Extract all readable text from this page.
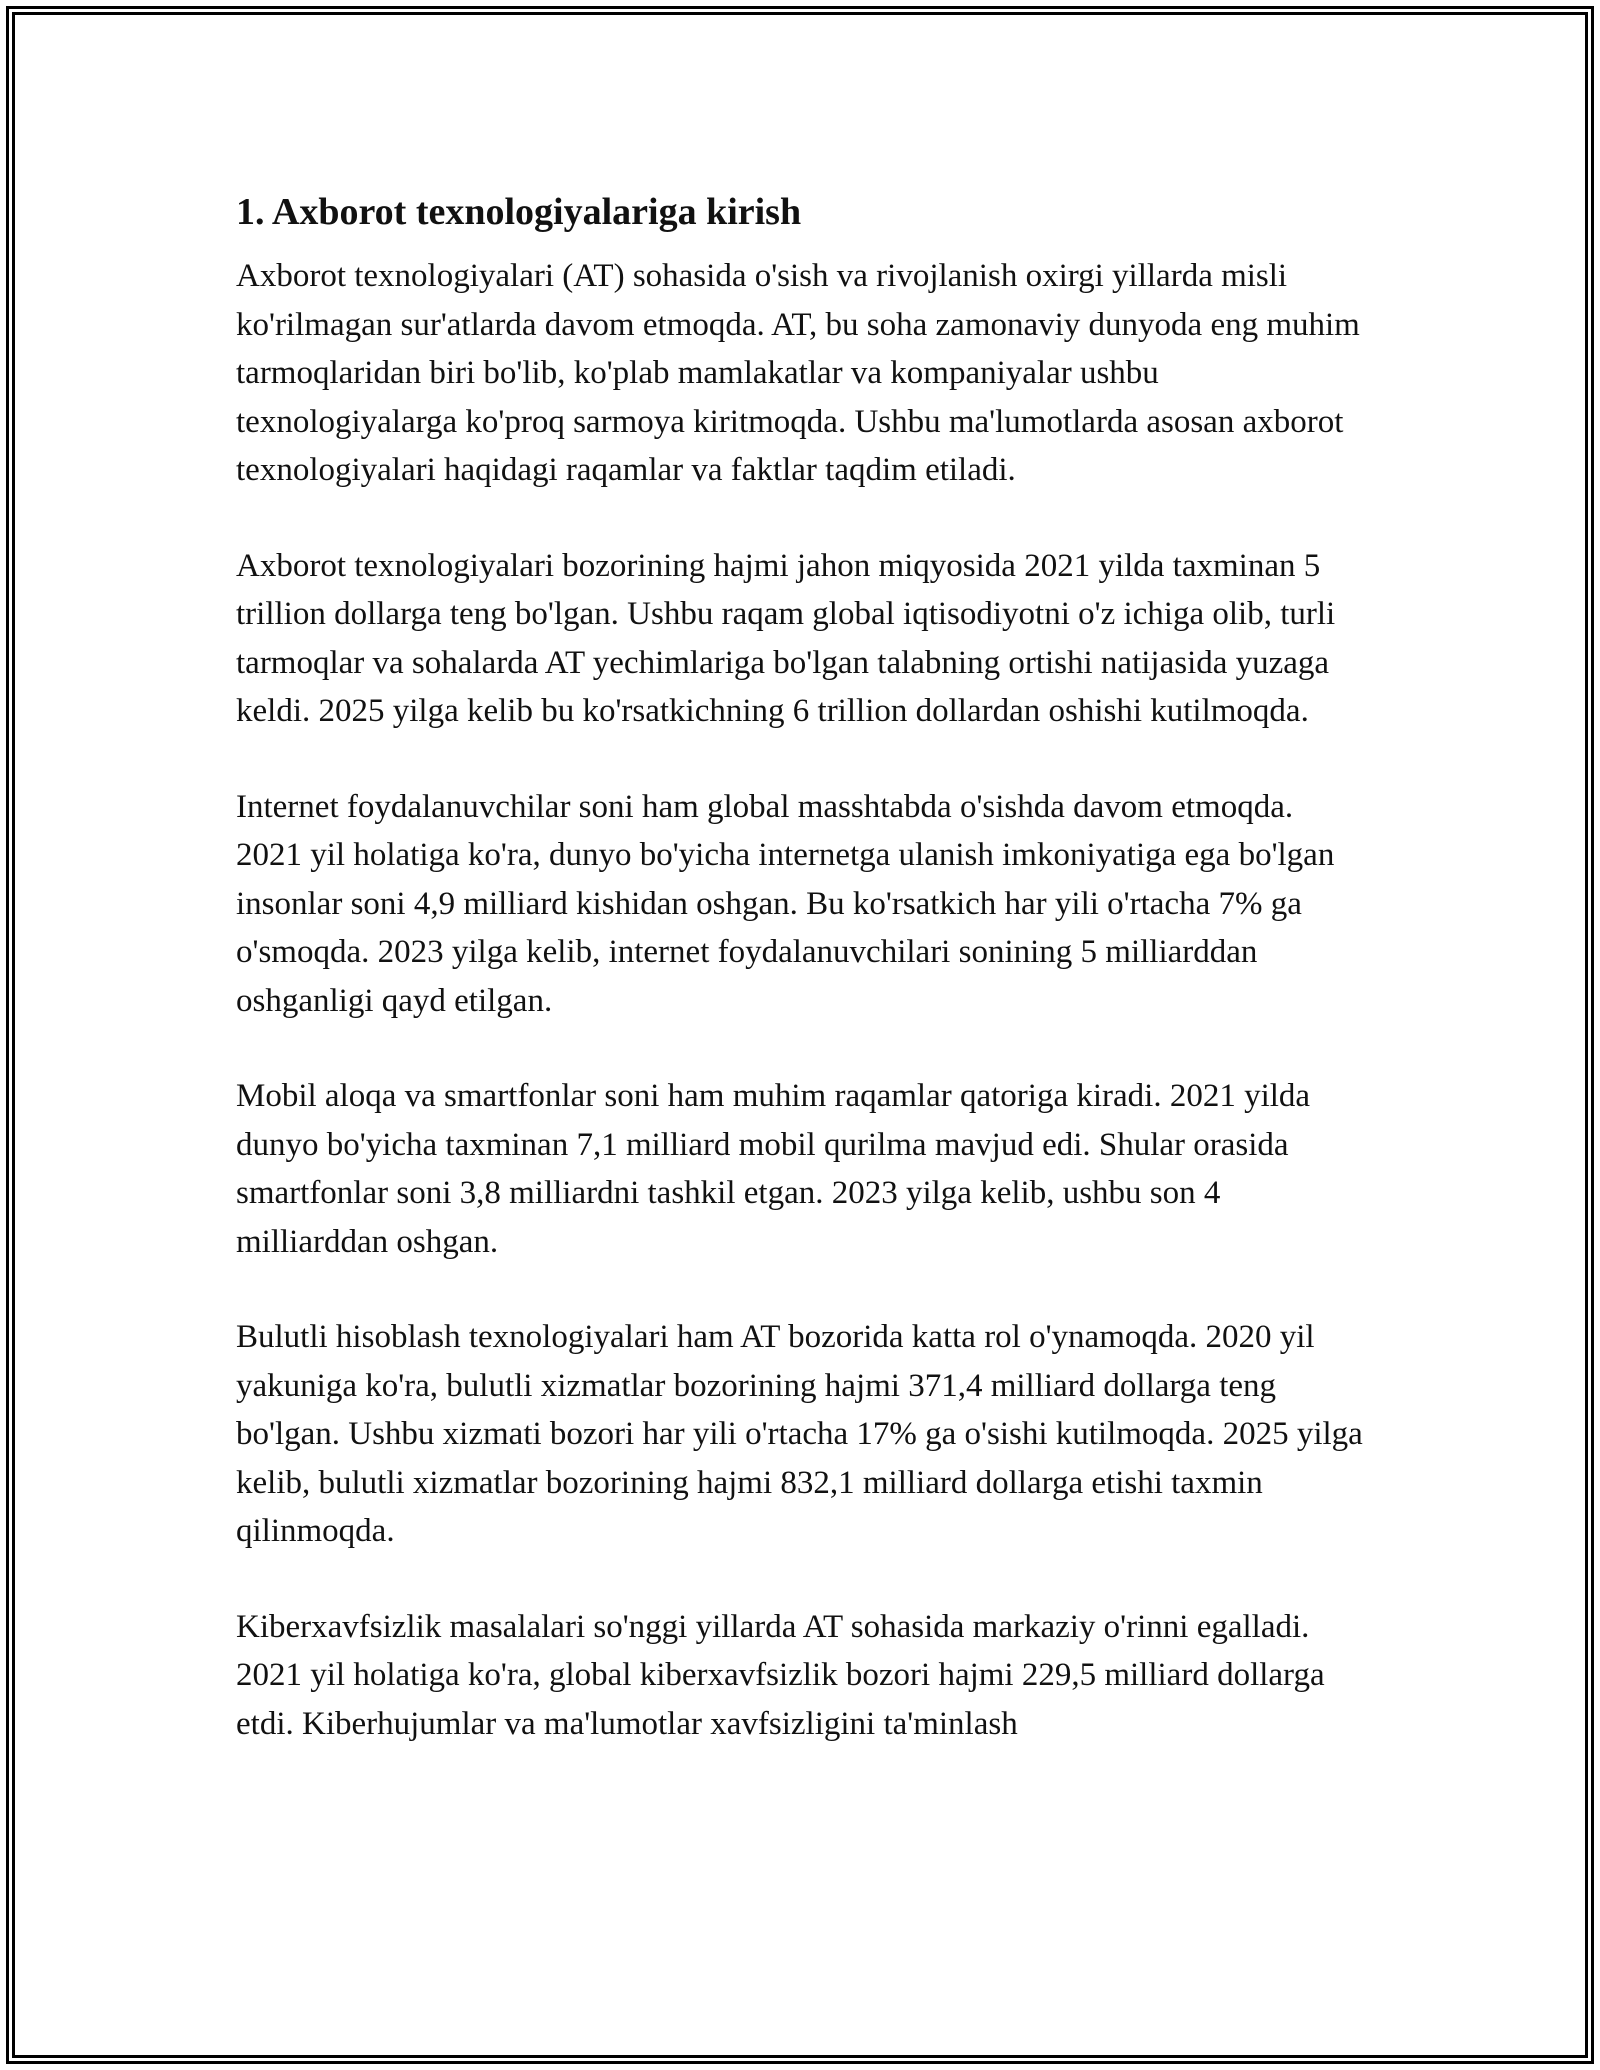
1. Axborot texnologiyalariga kirish

Axborot texnologiyalari (AT) sohasida o'sish va rivojlanish oxirgi yillarda misli ko'rilmagan sur'atlarda davom etmoqda. AT, bu soha zamonaviy dunyoda eng muhim tarmoqlaridan biri bo'lib, ko'plab mamlakatlar va kompaniyalar ushbu texnologiyalarga ko'proq sarmoya kiritmoqda. Ushbu ma'lumotlarda asosan axborot texnologiyalari haqidagi raqamlar va faktlar taqdim etiladi.

Axborot texnologiyalari bozorining hajmi jahon miqyosida 2021 yilda taxminan 5 trillion dollarga teng bo'lgan. Ushbu raqam global iqtisodiyotni o'z ichiga olib, turli tarmoqlar va sohalarda AT yechimlariga bo'lgan talabning ortishi natijasida yuzaga keldi. 2025 yilga kelib bu ko'rsatkichning 6 trillion dollardan oshishi kutilmoqda.

Internet foydalanuvchilar soni ham global masshtabda o'sishda davom etmoqda. 2021 yil holatiga ko'ra, dunyo bo'yicha internetga ulanish imkoniyatiga ega bo'lgan insonlar soni 4,9 milliard kishidan oshgan. Bu ko'rsatkich har yili o'rtacha 7% ga o'smoqda. 2023 yilga kelib, internet foydalanuvchilari sonining 5 milliarddan oshganligi qayd etilgan.

Mobil aloqa va smartfonlar soni ham muhim raqamlar qatoriga kiradi. 2021 yilda dunyo bo'yicha taxminan 7,1 milliard mobil qurilma mavjud edi. Shular orasida smartfonlar soni 3,8 milliardni tashkil etgan. 2023 yilga kelib, ushbu son 4 milliarddan oshgan.

Bulutli hisoblash texnologiyalari ham AT bozorida katta rol o'ynamoqda. 2020 yil yakuniga ko'ra, bulutli xizmatlar bozorining hajmi 371,4 milliard dollarga teng bo'lgan. Ushbu xizmati bozori har yili o'rtacha 17% ga o'sishi kutilmoqda. 2025 yilga kelib, bulutli xizmatlar bozorining hajmi 832,1 milliard dollarga etishi taxmin qilinmoqda.

Kiberxavfsizlik masalalari so'nggi yillarda AT sohasida markaziy o'rinni egalladi. 2021 yil holatiga ko'ra, global kiberxavfsizlik bozori hajmi 229,5 milliard dollarga etdi. Kiberhujumlar va ma'lumotlar xavfsizligini ta'minlash
